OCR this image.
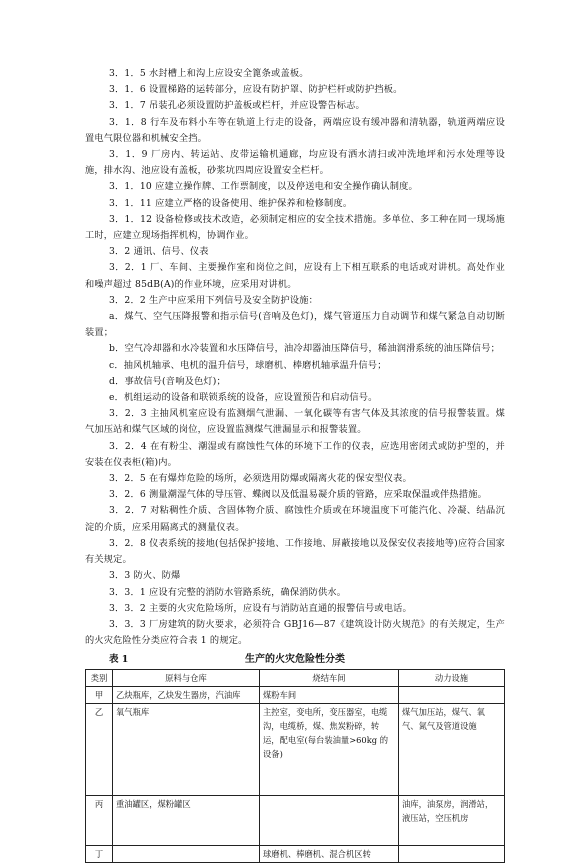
3．1．5 水封槽上和沟上应设安全篦条或盖板。

3．1．6 设置梯路的运转部分，应设有防护罩、防护栏杆或防护挡板。

3．1．7 吊装孔必须设置防护盖板或栏杆，并应设警告标志。

3．1．8 行车及布料小车等在轨道上行走的设备，两端应设有缓冲器和清轨器，轨道两端应设置电气限位器和机械安全挡。

3．1．9 厂房内、转运站、皮带运输机通廊，均应设有洒水清扫或冲洗地坪和污水处理等设施，排水沟、池应设有盖板，砂浆坑四周应设置安全栏杆。

3．1．10 应建立操作牌、工作票制度，以及停送电和安全操作确认制度。

3．1．11 应建立严格的设备使用、维护保养和检修制度。

3．1．12 设备检修或技术改造，必须制定相应的安全技术措施。多单位、多工种在同一现场施工时，应建立现场指挥机构，协调作业。

3．2 通讯、信号、仪表

3．2．1 厂、车间、主要操作室和岗位之间，应设有上下相互联系的电话或对讲机。高处作业和噪声超过 85dB(A)的作业环境，应采用对讲机。

3．2．2 生产中应采用下列信号及安全防护设施：

a．煤气、空气压降报警和指示信号(音响及色灯)，煤气管道压力自动调节和煤气紧急自动切断装置；

b．空气冷却器和水冷装置和水压降信号，油冷却器油压降信号，稀油润滑系统的油压降信号；

c．抽风机轴承、电机的温升信号，球磨机、棒磨机轴承温升信号；

d．事故信号(音响及色灯)；

e．机组运动的设备和联锁系统的设备，应设置预告和启动信号。

3．2．3 主抽风机室应设有监测烟气泄漏、一氧化碳等有害气体及其浓度的信号报警装置。煤气加压站和煤气区域的岗位，应设置监测煤气泄漏显示和报警装置。

3．2．4 在有粉尘、潮湿或有腐蚀性气体的环境下工作的仪表，应选用密闭式或防护型的，并安装在仪表柜(箱)内。

3．2．5 在有爆炸危险的场所，必须选用防爆或隔离火花的保安型仪表。

3．2．6 测量潮湿气体的导压管、蝶阀以及低温易凝介质的管路，应采取保温或伴热措施。

3．2．7 对粘稠性介质、含固体物介质、腐蚀性介质或在环境温度下可能汽化、冷凝、结晶沉淀的介质，应采用隔离式的测量仪表。

3．2．8 仪表系统的接地(包括保护接地、工作接地、屏蔽接地以及保安仪表接地等)应符合国家有关规定。

3．3 防火、防爆

3．3．1 应设有完整的消防水管路系统，确保消防供水。

3．3．2 主要的火灾危险场所，应设有与消防站直通的报警信号或电话。

3．3．3 厂房建筑的防火要求，必须符合 GBJ16—87《建筑设计防火规范》的有关规定，生产的火灾危险性分类应符合表 1 的规定。

表 1	生产的火灾危险性分类
类别	原料与仓库	烧结车间	动力设施
甲	乙炔瓶库，乙炔发生器房，汽油库	煤粉车间	
乙	氧气瓶库	主控室，变电所，变压器室，电缆沟，电缆桥，煤、焦炭粉碎，转运，配电室(每台装油量>60kg 的设备)	煤气加压站，煤气、氧气、氮气及管道设施
丙	重油罐区，煤粉罐区		油库，油泵房，润滑站，液压站，空压机房
丁		球磨机、棒磨机、混合机区转	
